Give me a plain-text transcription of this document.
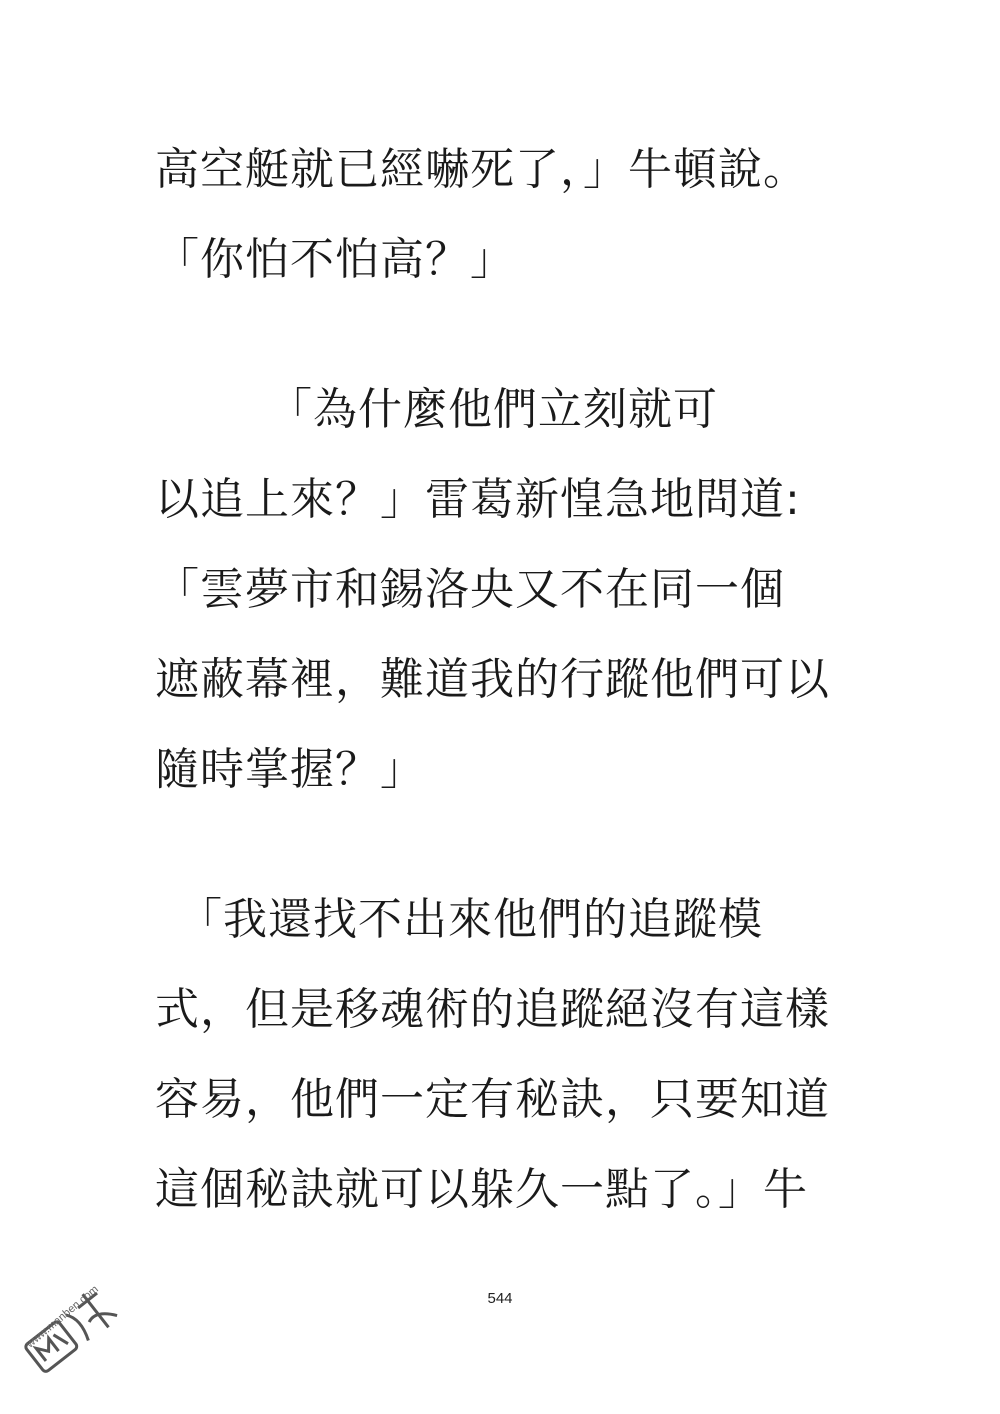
高空艇就已經嚇死了，」牛頓說。
「你怕不怕高？」
　　　「為什麼他們立刻就可
以追上來？」雷葛新惶急地問道:
「雲夢市和錫洛央又不在同一個
遮蔽幕裡，難道我的行蹤他們可以
隨時掌握？」
　「我還找不出來他們的追蹤模
式，但是移魂術的追蹤絕沒有這樣
容易，他們一定有秘訣，只要知道
這個秘訣就可以躲久一點了。」牛
544
www.manben.com
